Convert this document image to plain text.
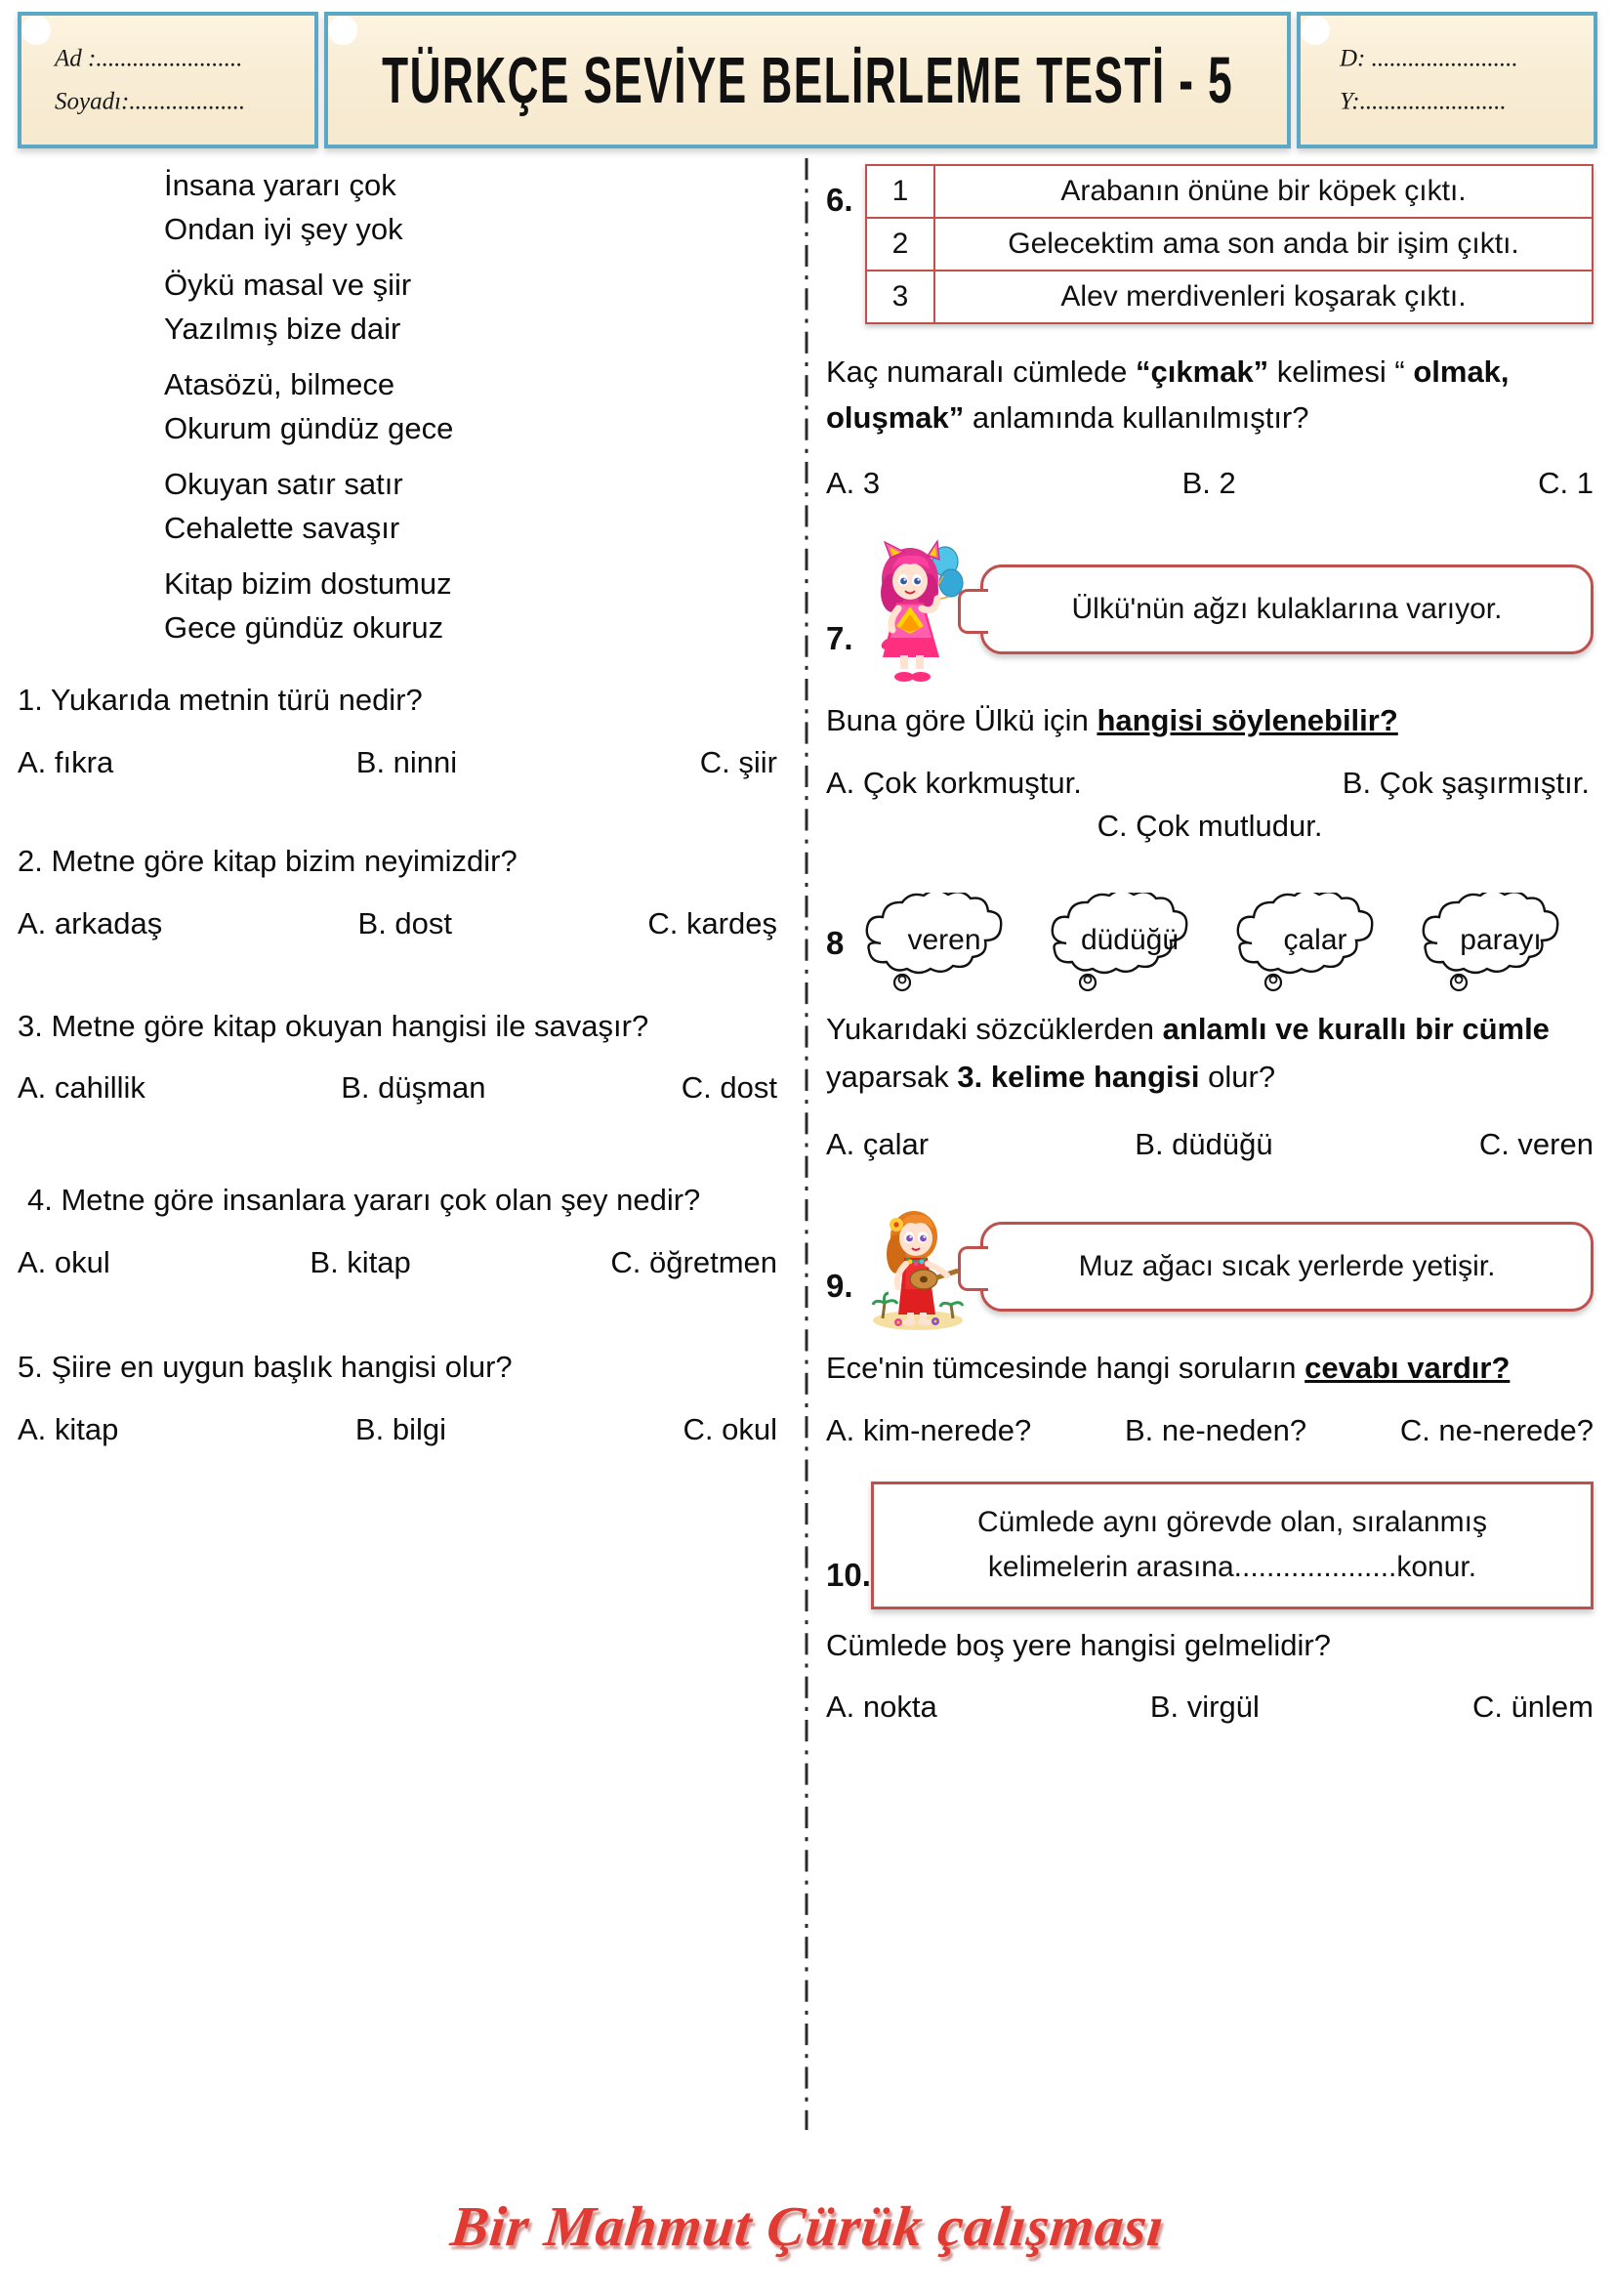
Ad :........................
Soyadı:...................	TÜRKÇE SEVİYE BELİRLEME TESTİ - 5	D: ........................
Y:........................
İnsana yararı çok
Ondan iyi şey yok
Öykü masal ve şiir
Yazılmış bize dair
Atasözü, bilmece
Okurum gündüz gece
Okuyan satır satır
Cehalette savaşır
Kitap bizim dostumuz
Gece gündüz okuruz
1. Yukarıda metnin türü nedir?
A. fıkra	B. ninni	C. şiir
2. Metne göre kitap bizim neyimizdir?
A. arkadaş	B. dost	C. kardeş
3. Metne göre kitap okuyan hangisi ile savaşır?
A. cahillik	B. düşman	C. dost
4. Metne göre insanlara yararı çok olan şey nedir?
A. okul	B. kitap	C. öğretmen
5. Şiire en uygun başlık hangisi olur?
A. kitap	B. bilgi	C. okul
6.	1	Arabanın önüne bir köpek çıktı.
2	Gelecektim ama son anda bir işim çıktı.
3	Alev merdivenleri koşarak çıktı.
Kaç numaralı cümlede “çıkmak” kelimesi “ olmak, oluşmak” anlamında kullanılmıştır?
A. 3	B. 2	C. 1
7.
Ülkü'nün ağzı kulaklarına varıyor.
Buna göre Ülkü için hangisi söylenebilir?
A. Çok korkmuştur.	B. Çok şaşırmıştır.
C. Çok mutludur.
8 veren	düdüğü	çalar	parayı
Yukarıdaki sözcüklerden anlamlı ve kurallı bir cümle yaparsak 3. kelime hangisi olur?
A. çalar	B. düdüğü	C. veren
9.
Muz ağacı sıcak yerlerde yetişir.
Ece'nin tümcesinde hangi soruların cevabı vardır?
A. kim-nerede?	B. ne-neden?	C. ne-nerede?
10.
Cümlede aynı görevde olan, sıralanmış
kelimelerin arasına....................konur.
Cümlede boş yere hangisi gelmelidir?
A. nokta	B. virgül	C. ünlem
Bir Mahmut Çürük çalışması
